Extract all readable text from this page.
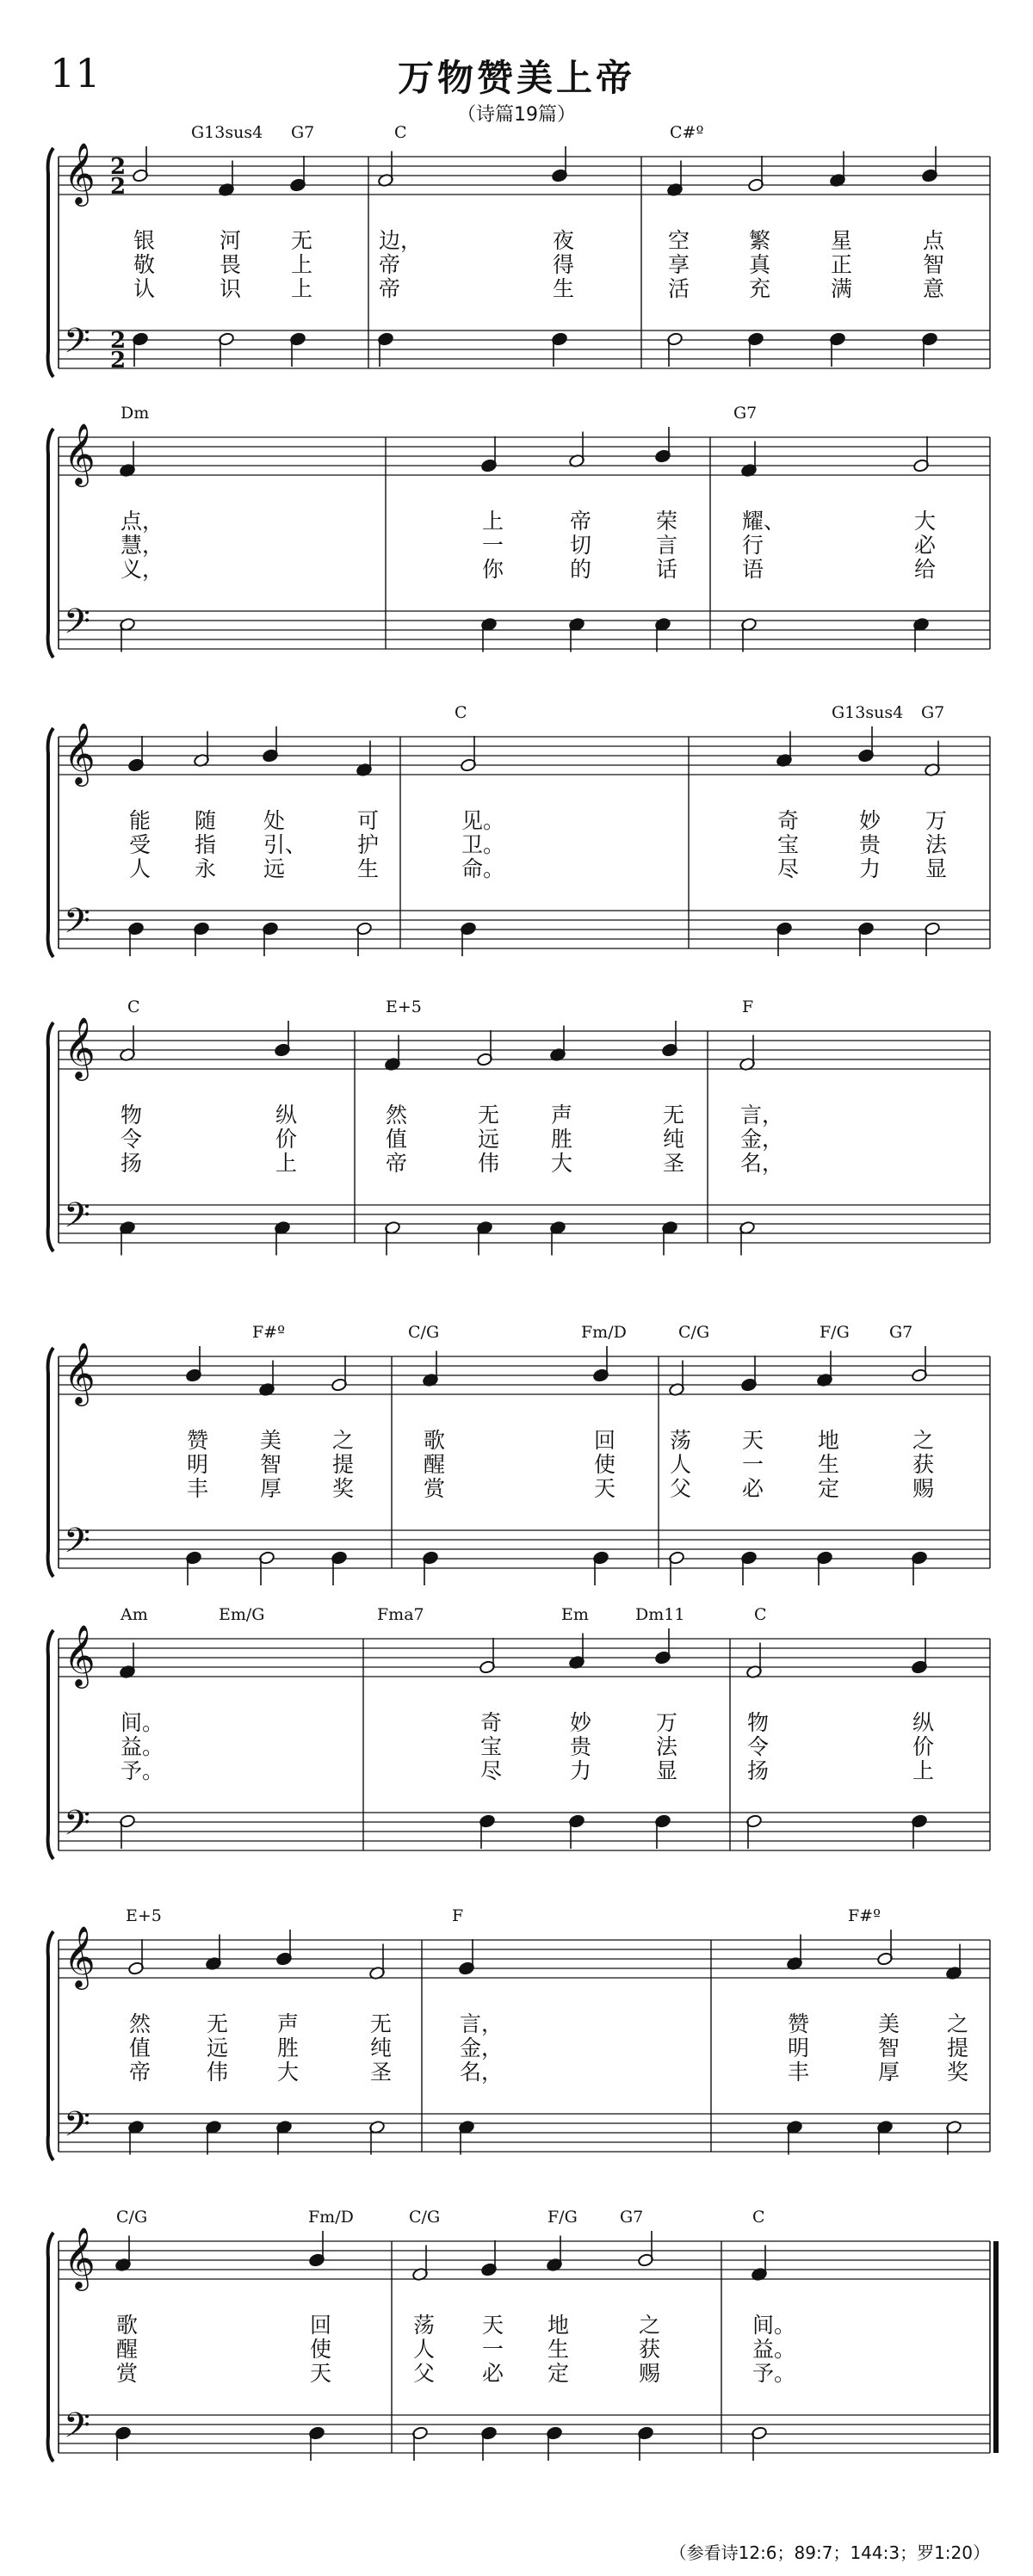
11	万物赞美上帝
（诗篇19篇）
（参看诗12:6；89:7；144:3；罗1:20）
𝄞
𝄢
2
2
2
2
G13sus4 G7	C	C#º
银	河 无	边，	夜	空	繁	星	点
敬	畏 上	帝	得	享	真	正	智
认	识 上	帝	生	活	充	满	意
𝄞
𝄢
Dm	G7
点，	上	帝	荣	耀、	大
慧，	一	切	言	行	必
义，	你	的	话	语	给
𝄞
𝄢
C	G13sus4 G7
能 随 处	可	见。	奇	妙 万
受 指 引、 护	卫。	宝	贵 法
人 永 远	生	命。	尽	力 显
𝄞
𝄢
C	E+5	F
物	纵	然	无 声	无	言，
令	价	值	远 胜	纯	金，
扬	上	帝	伟 大	圣	名，
𝄞
𝄢
F#º	C/G	Fm/D	C/G	F/G G7
赞 美 之	歌	回	荡 天	地	之
明 智 提	醒	使	人 一	生	获
丰 厚 奖	赏	天	父 必	定	赐
𝄞
𝄢
Am	Em/G	Fma7	Em	Dm11	C
间。	奇	妙	万	物	纵
益。	宝	贵	法	令	价
予。	尽	力	显	扬	上
𝄞
𝄢
E+5	F	F#º
然	无 声	无	言，	赞	美 之
值	远 胜	纯	金，	明	智 提
帝	伟 大	圣	名，	丰	厚 奖
𝄞
𝄢
C/G	Fm/D	C/G	F/G	G7	C
歌	回	荡 天 地	之	间。
醒	使	人 一 生	获	益。
赏	天	父 必 定	赐	予。
